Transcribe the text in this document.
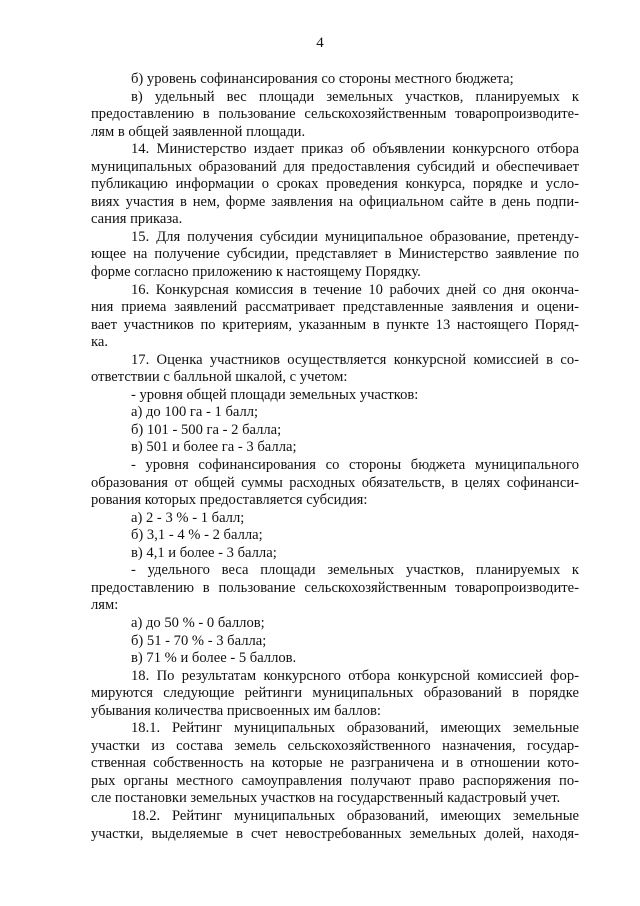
4
б) уровень софинансирования со стороны местного бюджета;
в) удельный вес площади земельных участков, планируемых к
предоставлению в пользование сельскохозяйственным товаропроизводите-
лям в общей заявленной площади.
14. Министерство издает приказ об объявлении конкурсного отбора
муниципальных образований для предоставления субсидий и обеспечивает
публикацию информации о сроках проведения конкурса, порядке и усло-
виях участия в нем, форме заявления на официальном сайте в день подпи-
сания приказа.
15. Для получения субсидии муниципальное образование, претенду-
ющее на получение субсидии, представляет в Министерство заявление по
форме согласно приложению к настоящему Порядку.
16. Конкурсная комиссия в течение 10 рабочих дней со дня оконча-
ния приема заявлений рассматривает представленные заявления и оцени-
вает участников по критериям, указанным в пункте 13 настоящего Поряд-
ка.
17. Оценка участников осуществляется конкурсной комиссией в со-
ответствии с балльной шкалой, с учетом:
- уровня общей площади земельных участков:
а) до 100 га - 1 балл;
б) 101 - 500 га - 2 балла;
в) 501 и более га - 3 балла;
- уровня софинансирования со стороны бюджета муниципального
образования от общей суммы расходных обязательств, в целях софинанси-
рования которых предоставляется субсидия:
а) 2 - 3 % - 1 балл;
б) 3,1 - 4 % - 2 балла;
в) 4,1 и более - 3 балла;
- удельного веса площади земельных участков, планируемых к
предоставлению в пользование сельскохозяйственным товаропроизводите-
лям:
а) до 50 % - 0 баллов;
б) 51 - 70 % - 3 балла;
в) 71 % и более - 5 баллов.
18. По результатам конкурсного отбора конкурсной комиссией фор-
мируются следующие рейтинги муниципальных образований в порядке
убывания количества присвоенных им баллов:
18.1. Рейтинг муниципальных образований, имеющих земельные
участки из состава земель сельскохозяйственного назначения, государ-
ственная собственность на которые не разграничена и в отношении кото-
рых органы местного самоуправления получают право распоряжения по-
сле постановки земельных участков на государственный кадастровый учет.
18.2. Рейтинг муниципальных образований, имеющих земельные
участки, выделяемые в счет невостребованных земельных долей, находя-
